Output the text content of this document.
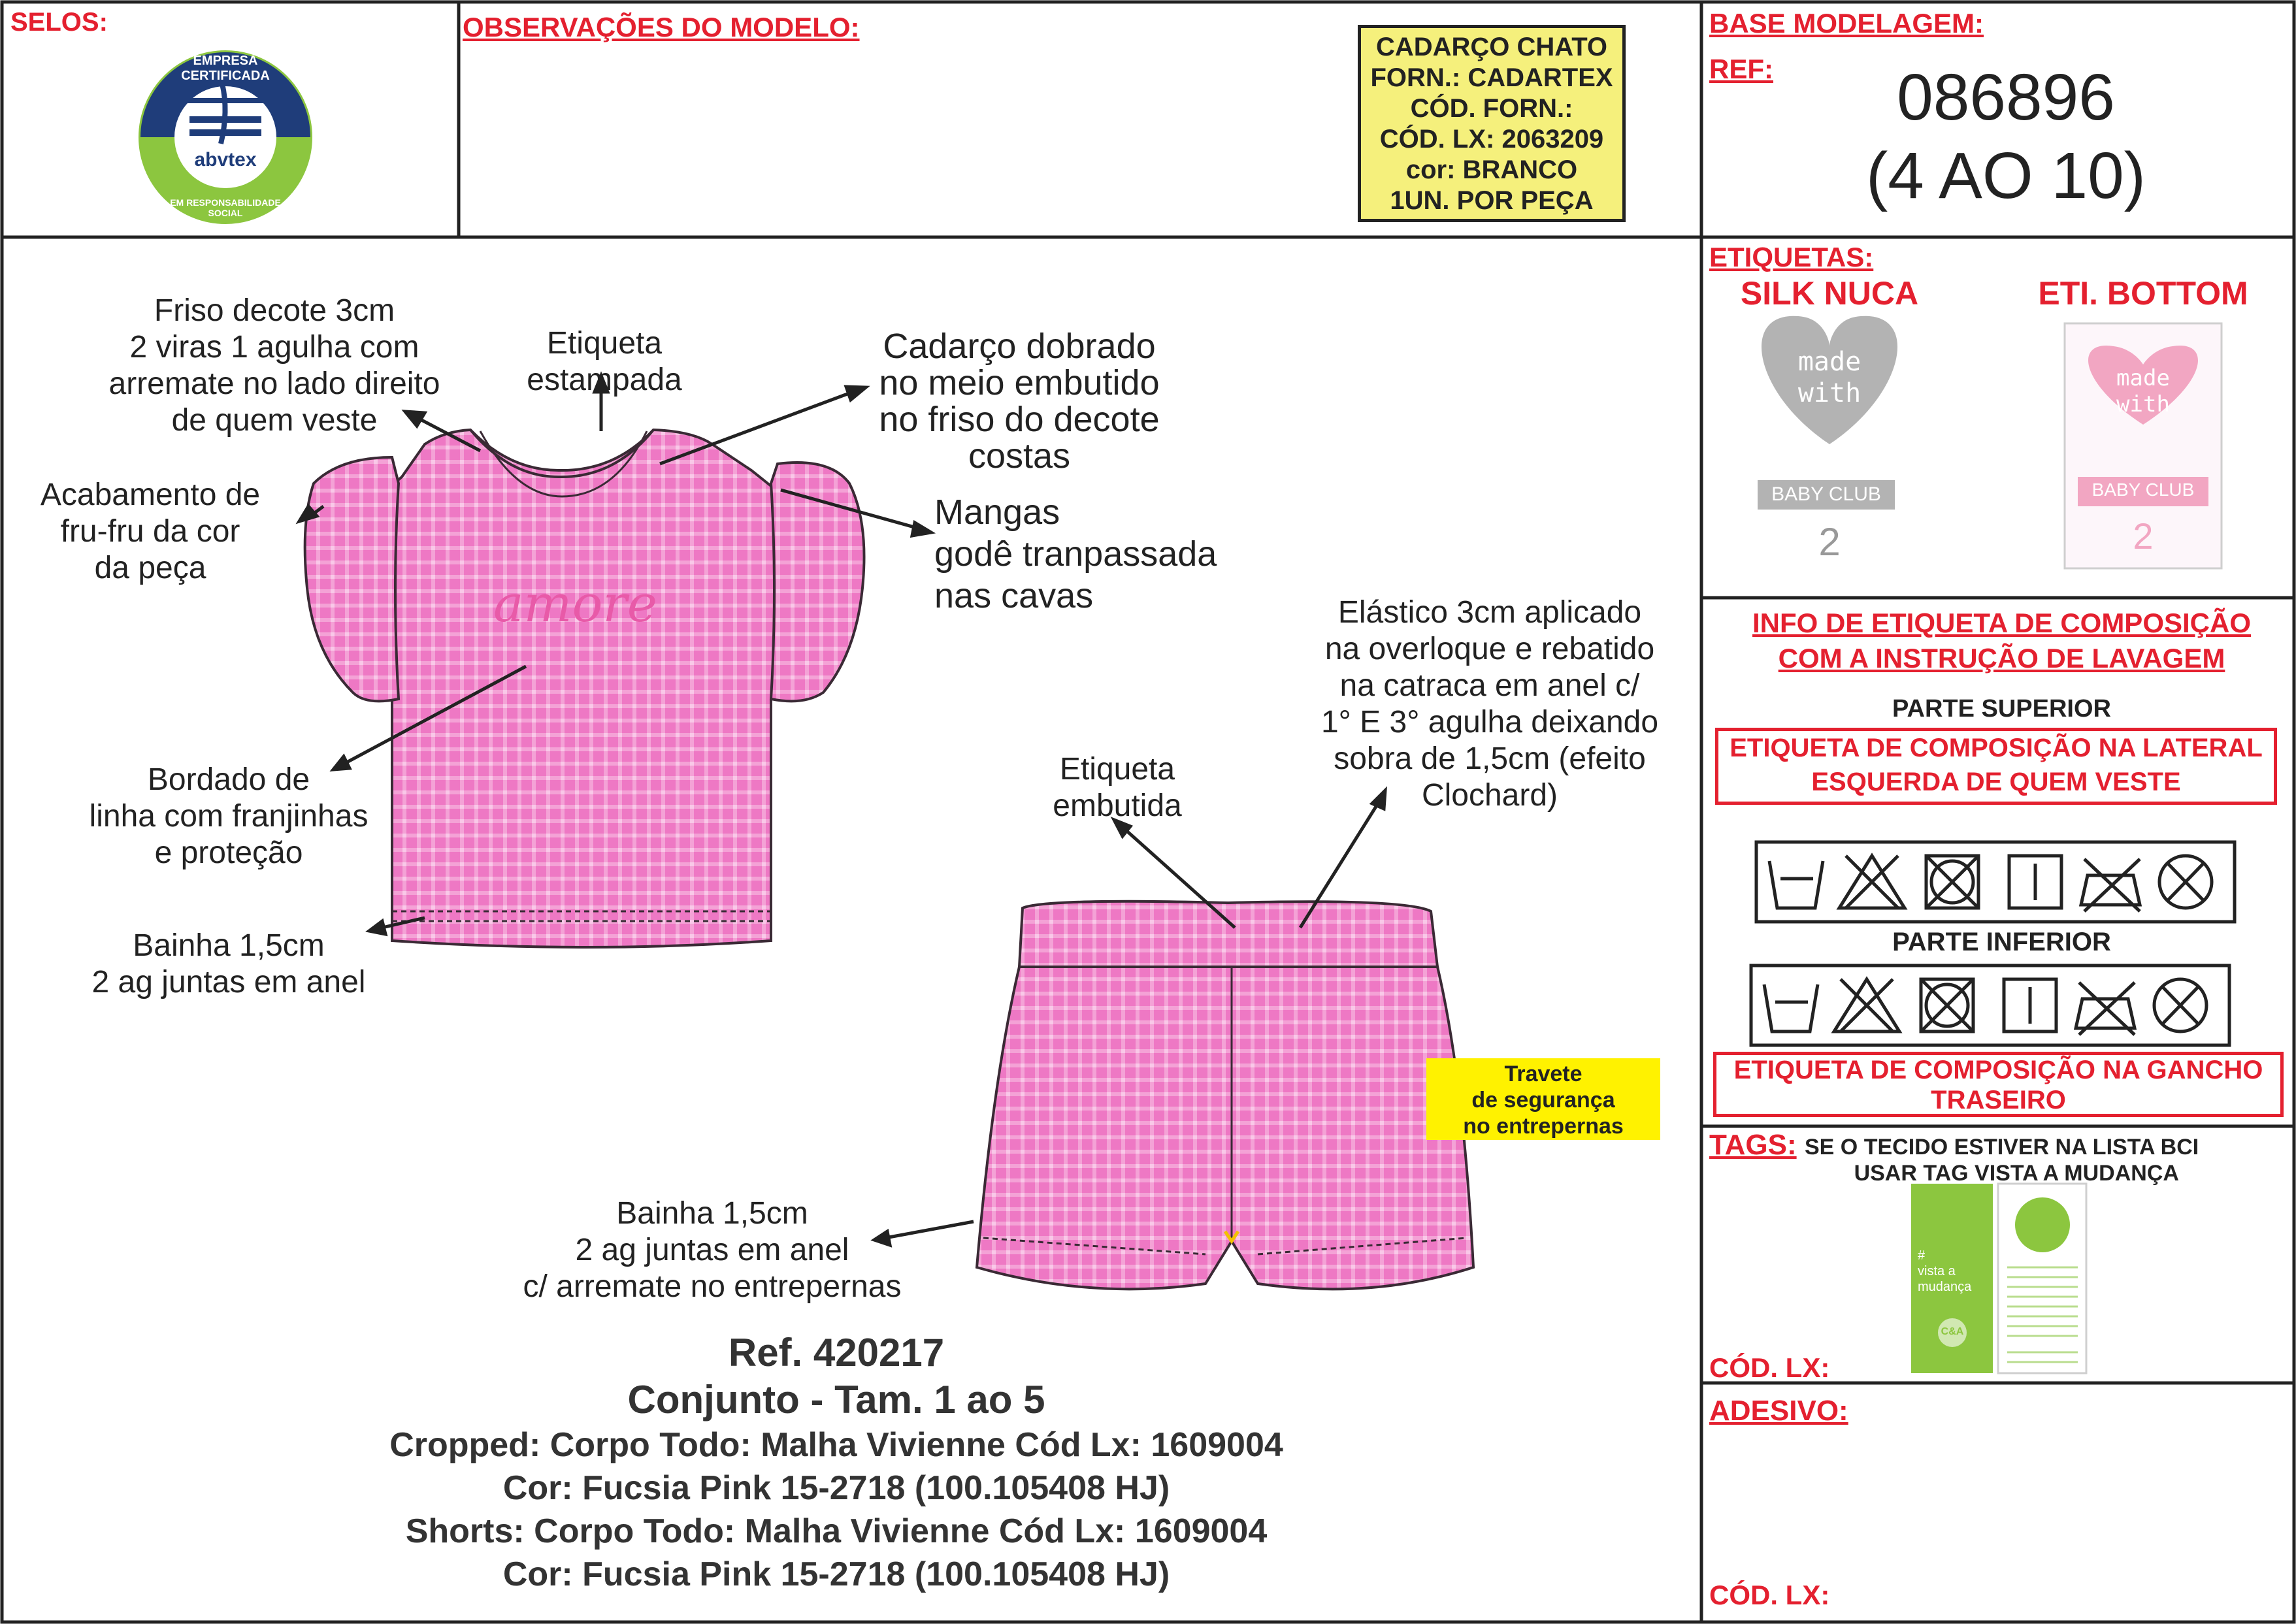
SELOS:
EMPRESA CERTIFICADA
abvtex
EM RESPONSABILIDADE SOCIAL
OBSERVAÇÕES DO MODELO:
CADARÇO CHATO
FORN.: CADARTEX
CÓD. FORN.:
CÓD. LX: 2063209
cor: BRANCO
1UN. POR PEÇA
BASE MODELAGEM:
REF:	086896
(4 AO 10)
Friso decote 3cm
2 viras 1 agulha com
arremate no lado direito
de quem veste
Etiqueta
estampada
Cadarço dobrado
no meio embutido
no friso do decote
costas
Acabamento de
fru-fru da cor
da peça
Mangas
godê tranpassada
nas cavas
Bordado de
linha com franjinhas
e proteção
Bainha 1,5cm
2 ag juntas em anel
Elástico 3cm aplicado
na overloque e rebatido
na catraca em anel c/
1° E 3° agulha deixando
sobra de 1,5cm (efeito
Clochard)
Etiqueta
embutida
Travete
de segurança
no entrepernas
Bainha 1,5cm
2 ag juntas em anel
c/ arremate no entrepernas
amore
Ref. 420217
Conjunto - Tam. 1 ao 5
Cropped: Corpo Todo: Malha Vivienne Cód Lx: 1609004
Cor: Fucsia Pink 15-2718 (100.105408 HJ)
Shorts: Corpo Todo: Malha Vivienne Cód Lx: 1609004
Cor: Fucsia Pink 15-2718 (100.105408 HJ)
ETIQUETAS:
SILK NUCA	ETI. BOTTOM
made
with
BABY CLUB
2
made
with
BABY CLUB
2
INFO DE ETIQUETA DE COMPOSIÇÃO
COM A INSTRUÇÃO DE LAVAGEM
PARTE SUPERIOR
ETIQUETA DE COMPOSIÇÃO NA LATERAL
ESQUERDA DE QUEM VESTE
PARTE INFERIOR
ETIQUETA DE COMPOSIÇÃO NA GANCHO
TRASEIRO
TAGS: SE O TECIDO ESTIVER NA LISTA BCI
USAR TAG VISTA A MUDANÇA
#
vista a
mudança
C&A
CÓD. LX:
ADESIVO:
CÓD. LX:
